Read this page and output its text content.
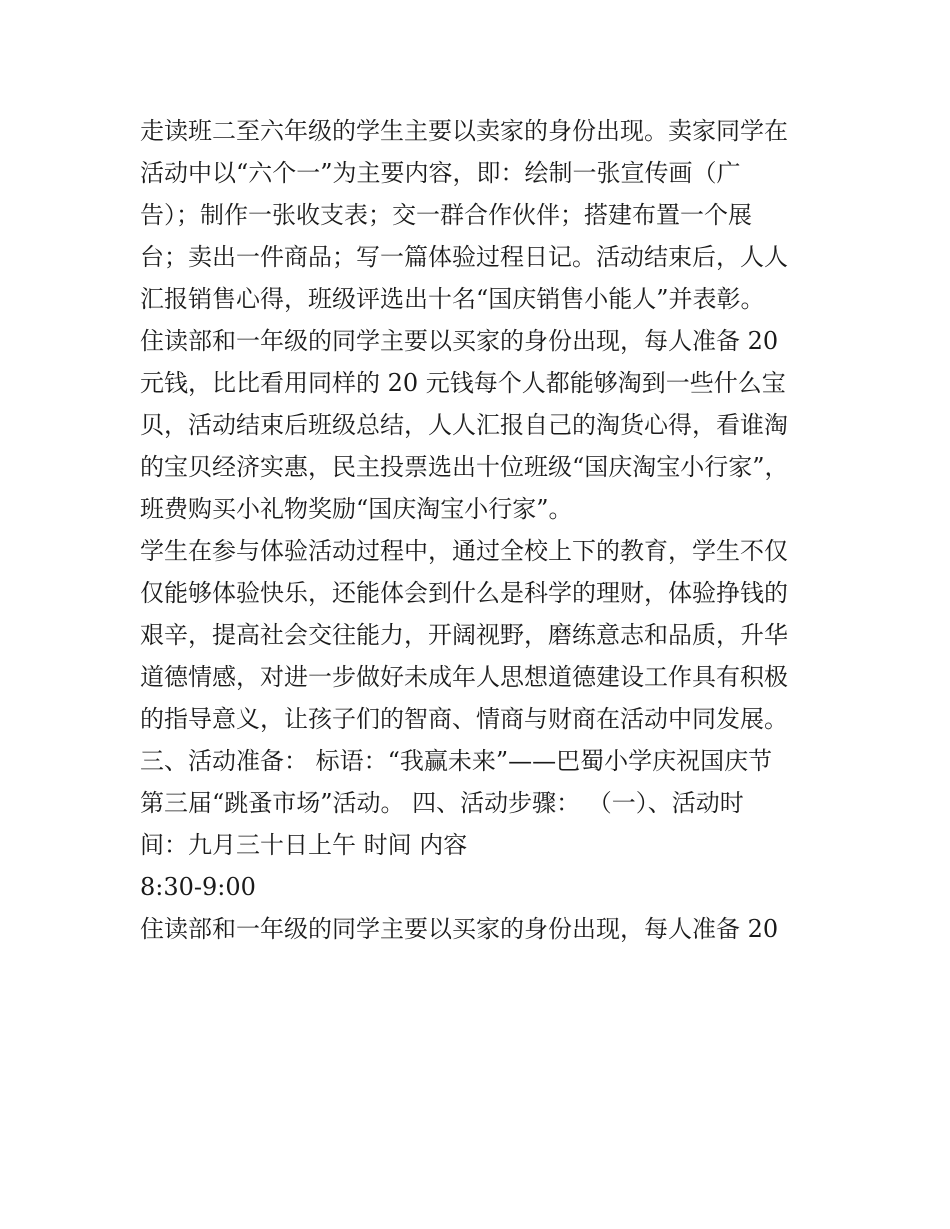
走读班二至六年级的学生主要以卖家的身份出现。卖家同学在
活动中以“六个一”为主要内容，即：绘制一张宣传画（广
告）；制作一张收支表；交一群合作伙伴；搭建布置一个展
台；卖出一件商品；写一篇体验过程日记。活动结束后，人人
汇报销售心得，班级评选出十名“国庆销售小能人”并表彰。
住读部和一年级的同学主要以买家的身份出现，每人准备 20
元钱，比比看用同样的 20 元钱每个人都能够淘到一些什么宝
贝，活动结束后班级总结，人人汇报自己的淘货心得，看谁淘
的宝贝经济实惠，民主投票选出十位班级“国庆淘宝小行家”，
班费购买小礼物奖励“国庆淘宝小行家”。
学生在参与体验活动过程中，通过全校上下的教育，学生不仅
仅能够体验快乐，还能体会到什么是科学的理财，体验挣钱的
艰辛，提高社会交往能力，开阔视野，磨练意志和品质，升华
道德情感，对进一步做好未成年人思想道德建设工作具有积极
的指导意义，让孩子们的智商、情商与财商在活动中同发展。
三、活动准备： 标语：“我赢未来”——巴蜀小学庆祝国庆节
第三届“跳蚤市场”活动。 四、活动步骤： （一）、活动时
间：九月三十日上午 时间 内容
8:30-9:00
住读部和一年级的同学主要以买家的身份出现，每人准备 20
